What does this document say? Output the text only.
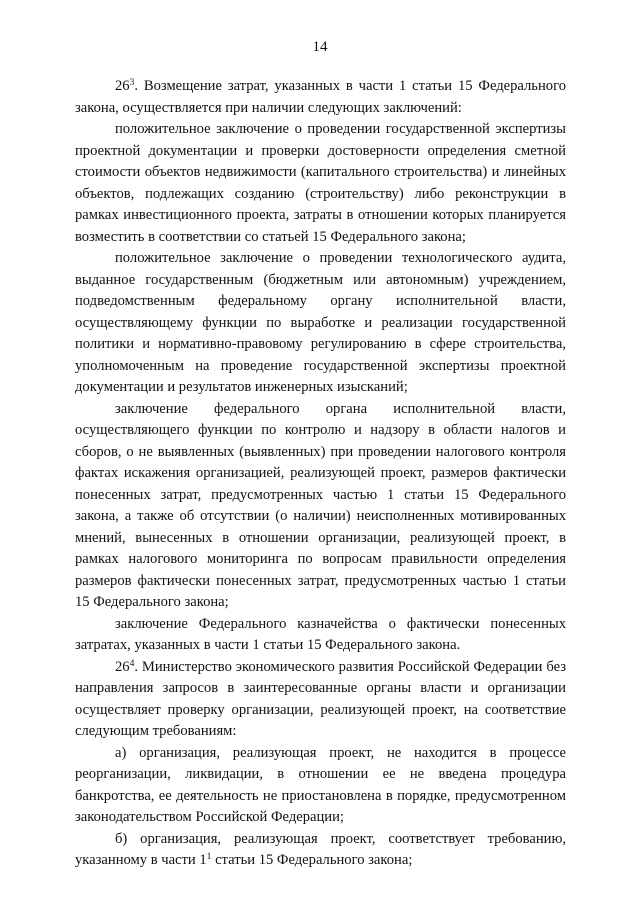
14

$26^3$. Возмещение затрат, указанных в части 1 статьи 15 Федерального закона, осуществляется при наличии следующих заключений:

положительное заключение о проведении государственной экспертизы проектной документации и проверки достоверности определения сметной стоимости объектов недвижимости (капитального строительства) и линейных объектов, подлежащих созданию (строительству) либо реконструкции в рамках инвестиционного проекта, затраты в отношении которых планируется возместить в соответствии со статьей 15 Федерального закона;

положительное заключение о проведении технологического аудита, выданное государственным (бюджетным или автономным) учреждением, подведомственным федеральному органу исполнительной власти, осуществляющему функции по выработке и реализации государственной политики и нормативно-правовому регулированию в сфере строительства, уполномоченным на проведение государственной экспертизы проектной документации и результатов инженерных изысканий;

заключение федерального органа исполнительной власти, осуществляющего функции по контролю и надзору в области налогов и сборов, о не выявленных (выявленных) при проведении налогового контроля фактах искажения организацией, реализующей проект, размеров фактически понесенных затрат, предусмотренных частью 1 статьи 15 Федерального закона, а также об отсутствии (о наличии) неисполненных мотивированных мнений, вынесенных в отношении организации, реализующей проект, в рамках налогового мониторинга по вопросам правильности определения размеров фактически понесенных затрат, предусмотренных частью 1 статьи 15 Федерального закона;

заключение Федерального казначейства о фактически понесенных затратах, указанных в части 1 статьи 15 Федерального закона.

$26^4$. Министерство экономического развития Российской Федерации без направления запросов в заинтересованные органы власти и организации осуществляет проверку организации, реализующей проект, на соответствие следующим требованиям:

а) организация, реализующая проект, не находится в процессе реорганизации, ликвидации, в отношении ее не введена процедура банкротства, ее деятельность не приостановлена в порядке, предусмотренном законодательством Российской Федерации;

б) организация, реализующая проект, соответствует требованию, указанному в части $1^1$ статьи 15 Федерального закона;
